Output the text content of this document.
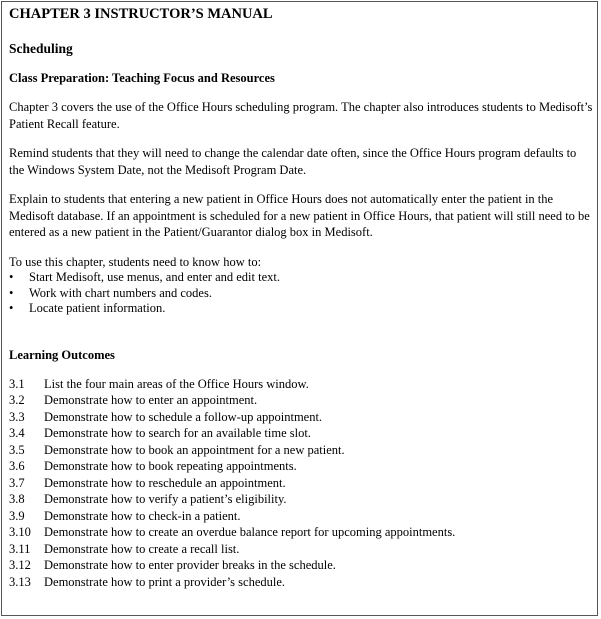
CHAPTER 3 INSTRUCTOR’S MANUAL
Scheduling
Class Preparation: Teaching Focus and Resources
Chapter 3 covers the use of the Office Hours scheduling program. The chapter also introduces students to Medisoft’s Patient Recall feature.
Remind students that they will need to change the calendar date often, since the Office Hours program defaults to the Windows System Date, not the Medisoft Program Date.
Explain to students that entering a new patient in Office Hours does not automatically enter the patient in the Medisoft database. If an appointment is scheduled for a new patient in Office Hours, that patient will still need to be entered as a new patient in the Patient/Guarantor dialog box in Medisoft.
To use this chapter, students need to know how to:
• Start Medisoft, use menus, and enter and edit text.
• Work with chart numbers and codes.
• Locate patient information.
Learning Outcomes
3.1	List the four main areas of the Office Hours window.
3.2	Demonstrate how to enter an appointment.
3.3	Demonstrate how to schedule a follow-up appointment.
3.4	Demonstrate how to search for an available time slot.
3.5	Demonstrate how to book an appointment for a new patient.
3.6	Demonstrate how to book repeating appointments.
3.7	Demonstrate how to reschedule an appointment.
3.8	Demonstrate how to verify a patient’s eligibility.
3.9	Demonstrate how to check-in a patient.
3.10	Demonstrate how to create an overdue balance report for upcoming appointments.
3.11	Demonstrate how to create a recall list.
3.12	Demonstrate how to enter provider breaks in the schedule.
3.13	Demonstrate how to print a provider’s schedule.
